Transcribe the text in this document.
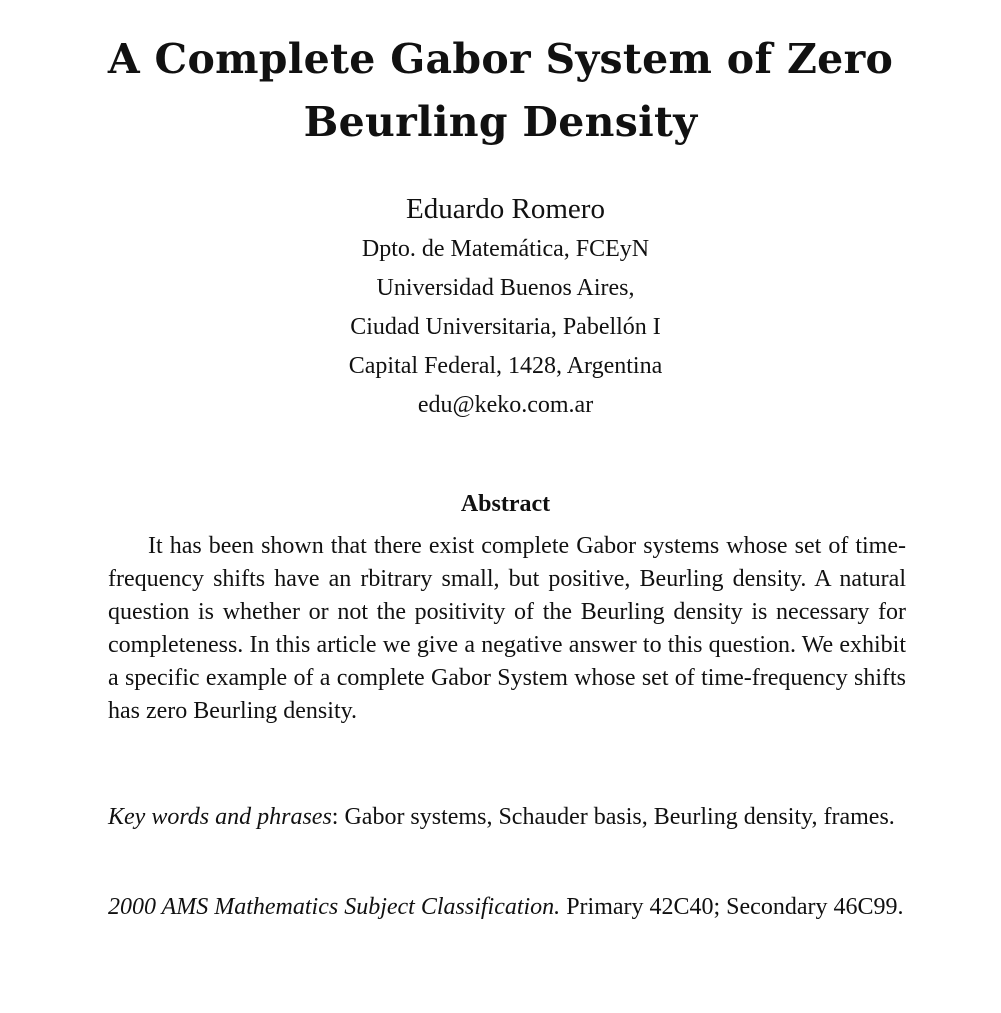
A Complete Gabor System of Zero
Beurling Density
Eduardo Romero
Dpto. de Matemática, FCEyN
Universidad Buenos Aires,
Ciudad Universitaria, Pabellón I
Capital Federal, 1428, Argentina
edu@keko.com.ar
Abstract
It has been shown that there exist complete Gabor systems whose set of time-frequency shifts have an rbitrary small, but positive, Beurling density. A natural question is whether or not the positivity of the Beurling density is necessary for completeness. In this article we give a negative answer to this question. We exhibit a specific example of a complete Gabor System whose set of time-frequency shifts has zero Beurling density.
Key words and phrases: Gabor systems, Schauder basis, Beurling density, frames.
2000 AMS Mathematics Subject Classification. Primary 42C40; Secondary 46C99.
